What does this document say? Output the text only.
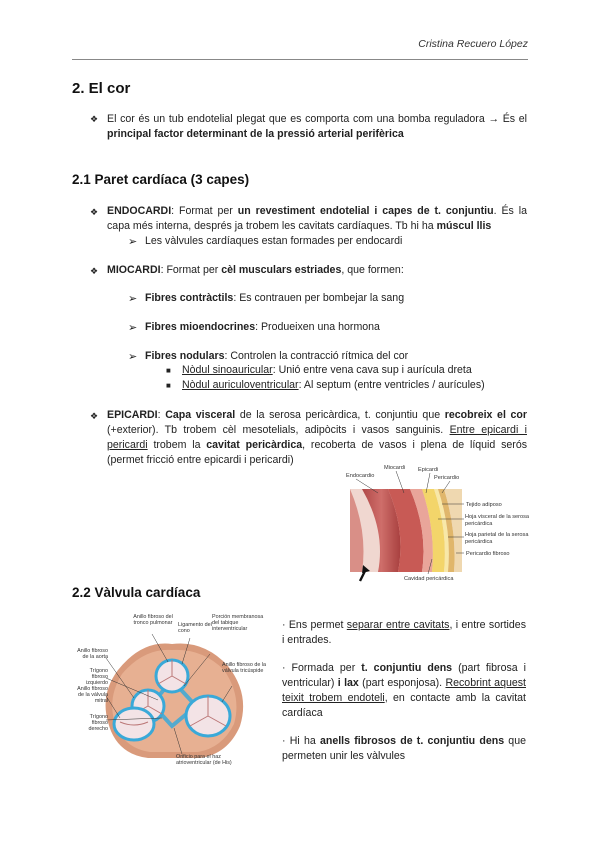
Cristina Recuero López
2. El cor
❖ El cor és un tub endotelial plegat que es comporta com una bomba reguladora → És el principal factor determinant de la pressió arterial perifèrica
2.1 Paret cardíaca (3 capes)
❖ ENDOCARDI: Format per un revestiment endotelial i capes de t. conjuntiu. És la capa més interna, després ja trobem les cavitats cardíaques. Tb hi ha múscul llis
➢ Les vàlvules cardíaques estan formades per endocardi
❖ MIOCARDI: Format per cèl musculars estriades, que formen:
➢ Fibres contràctils: Es contrauen per bombejar la sang
➢ Fibres mioendocrines: Produeixen una hormona
➢ Fibres nodulars: Controlen la contracció rítmica del cor
■ Nòdul sinoauricular: Unió entre vena cava sup i aurícula dreta
■ Nòdul auriculoventricular: Al septum (entre ventricles / aurícules)
❖ EPICARDI: Capa visceral de la serosa pericàrdica, t. conjuntiu que recobreix el cor (+exterior). Tb trobem cèl mesotelials, adipòcits i vasos sanguinis. Entre epicardi i pericardi trobem la cavitat pericàrdica, recoberta de vasos i plena de líquid serós (permet fricció entre epicardi i pericardi)
Endocardio
Miocardi Epicardi
Pericardio
Tejido adiposo
Hoja visceral de la serosa pericárdica
Hoja parietal de la serosa pericárdica
Pericardio fibroso
Cavidad pericárdica
2.2 Vàlvula cardíaca
Anillo fibroso del tronco pulmonar	Ligamento del cono
Porción membranosa del tabique interventricular
Anillo fibroso de la aorta
Trígono fibroso izquierdo
Anillo fibroso de la válvula mitral
Trígono fibroso derecho
Anillo fibroso de la válvula tricúspide
Orificio para el haz atrioventricular (de His)
· Ens permet separar entre cavitats, i entre sortides i entrades.
· Formada per t. conjuntiu dens (part fibrosa i ventricular) i lax (part esponjosa). Recobrint aquest teixit trobem endoteli, en contacte amb la cavitat cardíaca
· Hi ha anells fibrosos de t. conjuntiu dens que permeten unir les vàlvules
